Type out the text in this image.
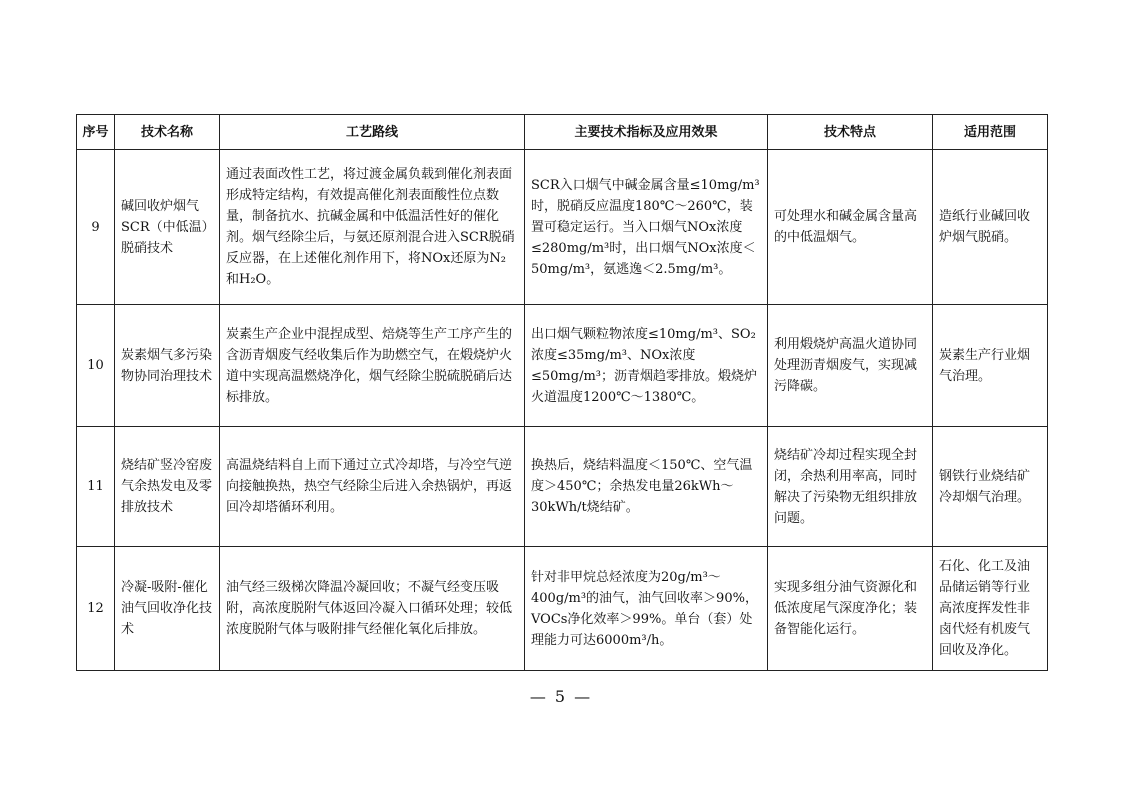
序号	技术名称	工艺路线	主要技术指标及应用效果	技术特点	适用范围
9	碱回收炉烟气SCR（中低温）脱硝技术	通过表面改性工艺，将过渡金属负载到催化剂表面形成特定结构，有效提高催化剂表面酸性位点数量，制备抗水、抗碱金属和中低温活性好的催化剂。烟气经除尘后，与氨还原剂混合进入SCR脱硝反应器，在上述催化剂作用下，将NOx还原为N₂和H₂O。	SCR入口烟气中碱金属含量≤10mg/m³时，脱硝反应温度180℃～260℃，装置可稳定运行。当入口烟气NOx浓度≤280mg/m³时，出口烟气NOx浓度＜50mg/m³，氨逃逸＜2.5mg/m³。	可处理水和碱金属含量高的中低温烟气。	造纸行业碱回收炉烟气脱硝。
10	炭素烟气多污染物协同治理技术	炭素生产企业中混捏成型、焙烧等生产工序产生的含沥青烟废气经收集后作为助燃空气，在煅烧炉火道中实现高温燃烧净化，烟气经除尘脱硫脱硝后达标排放。	出口烟气颗粒物浓度≤10mg/m³、SO₂浓度≤35mg/m³、NOx浓度≤50mg/m³；沥青烟趋零排放。煅烧炉火道温度1200℃～1380℃。	利用煅烧炉高温火道协同处理沥青烟废气，实现减污降碳。	炭素生产行业烟气治理。
11	烧结矿竖冷窑废气余热发电及零排放技术	高温烧结料自上而下通过立式冷却塔，与冷空气逆向接触换热，热空气经除尘后进入余热锅炉，再返回冷却塔循环利用。	换热后，烧结料温度＜150℃、空气温度＞450℃；余热发电量26kWh～30kWh/t烧结矿。	烧结矿冷却过程实现全封闭，余热利用率高，同时解决了污染物无组织排放问题。	钢铁行业烧结矿冷却烟气治理。
12	冷凝-吸附-催化油气回收净化技术	油气经三级梯次降温冷凝回收；不凝气经变压吸附，高浓度脱附气体返回冷凝入口循环处理；较低浓度脱附气体与吸附排气经催化氧化后排放。	针对非甲烷总烃浓度为20g/m³～400g/m³的油气，油气回收率＞90%，VOCs净化效率＞99%。单台（套）处理能力可达6000m³/h。	实现多组分油气资源化和低浓度尾气深度净化；装备智能化运行。	石化、化工及油品储运销等行业高浓度挥发性非卤代烃有机废气回收及净化。
— 5 —
